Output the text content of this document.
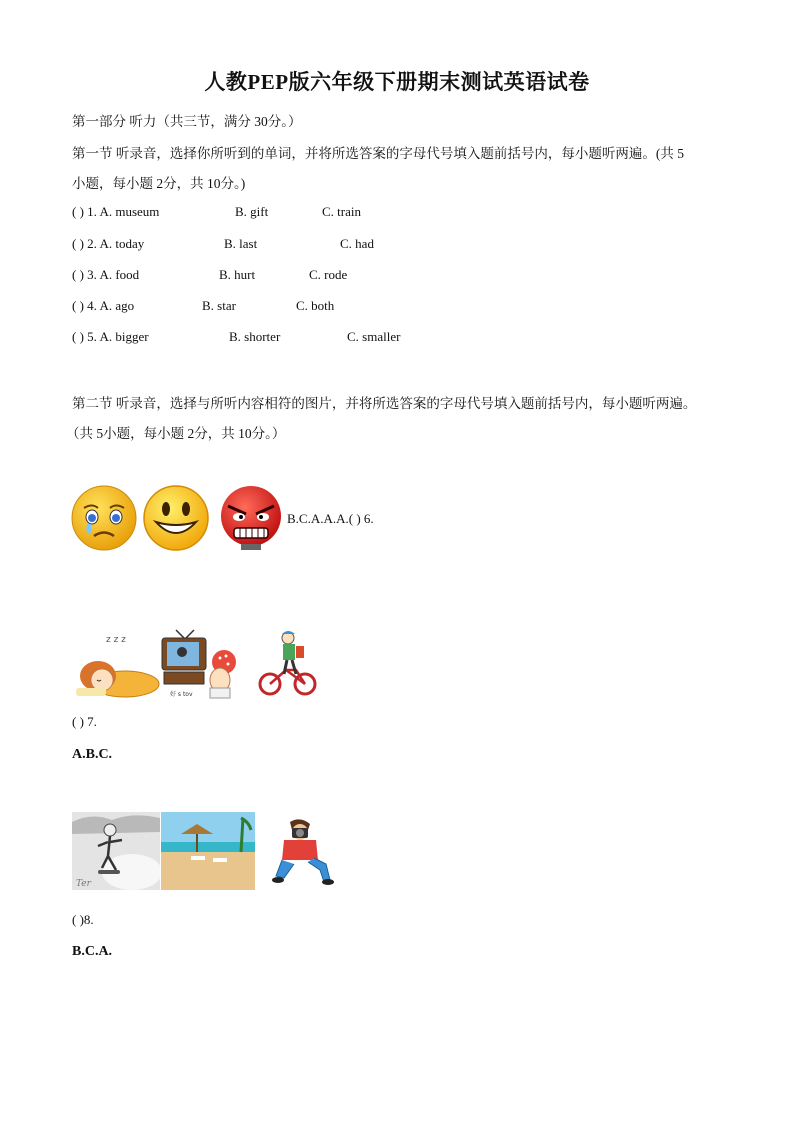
人教PEP版六年级下册期末测试英语试卷
第一部分 听力（共三节，满分 30分。）
第一节 听录音，选择你所听到的单词，并将所选答案的字母代号填入题前括号内，每小题听两遍。(共 5
小题，每小题 2分，共 10分。)
( ) 1. A. museum	B. gift	C. train
( ) 2. A. today	B. last	C. had
( ) 3. A. food	B. hurt	C. rode
( ) 4. A. ago	B. star	C. both
( ) 5. A. bigger	B. shorter	C. smaller
第二节 听录音，选择与所听内容相符的图片，并将所选答案的字母代号填入题前括号内，每小题听两遍。
（共 5小题，每小题 2分，共 10分。）
B.C.A.A.A.( ) 6.
z z z
好 s tov
( ) 7.
A.B.C.
Ter
( )8.
B.C.A.
